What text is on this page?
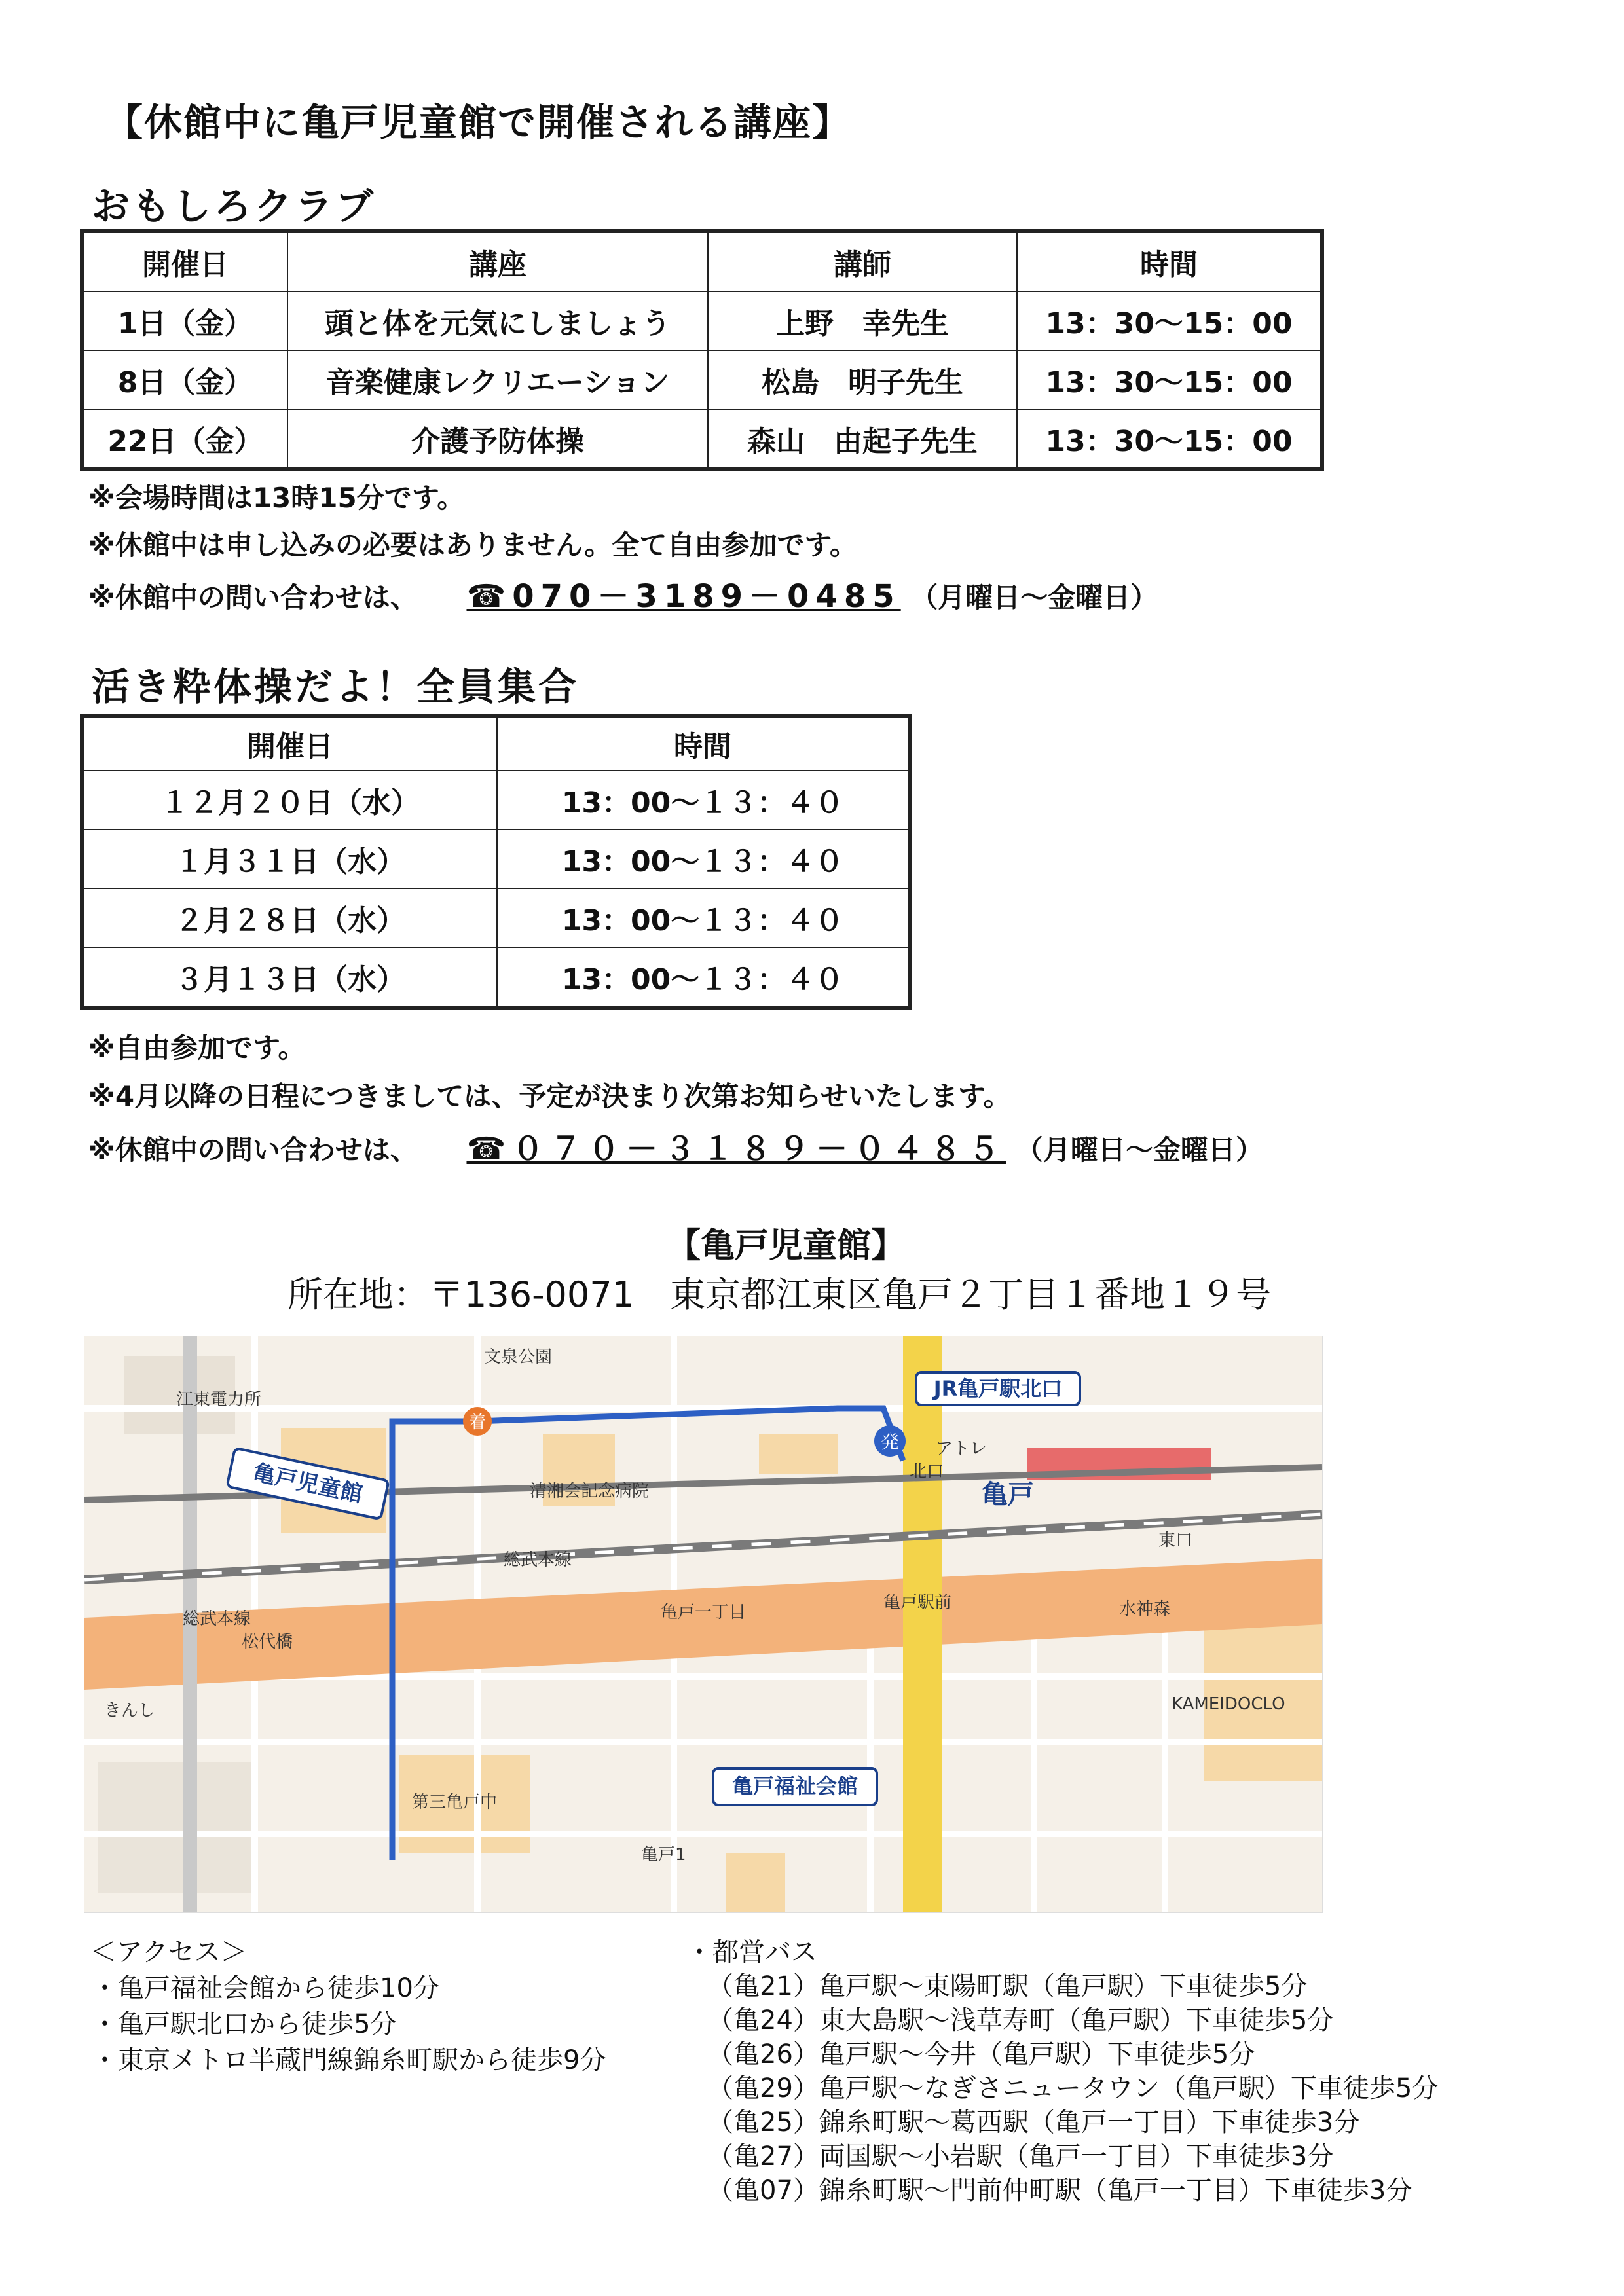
【休館中に亀戸児童館で開催される講座】
おもしろクラブ
開催日	講座	講師	時間
1日（金）	頭と体を元気にしましょう	上野　幸先生	13：30〜15：00
8日（金）	音楽健康レクリエーション	松島　明子先生	13：30〜15：00
22日（金）	介護予防体操	森山　由起子先生	13：30〜15：00
※会場時間は13時15分です。
※休館中は申し込みの必要はありません。全て自由参加です。
※休館中の問い合わせは、 ☎070－3189－0485 （月曜日〜金曜日）
活き粋体操だよ！全員集合
開催日	時間
１２月２０日（水）	13：00〜１３：４０
１月３１日（水）	13：00〜１３：４０
２月２８日（水）	13：00〜１３：４０
３月１３日（水）	13：00〜１３：４０
※自由参加です。
※4月以降の日程につきましては、予定が決まり次第お知らせいたします。
※休館中の問い合わせは、 ☎０７０－３１８９－０４８５ （月曜日〜金曜日）
【亀戸児童館】
所在地：〒136-0071　東京都江東区亀戸２丁目１番地１９号
発
着
文泉公園
江東電力所
清湘会記念病院
総武本線
総武本線
きんし	KAMEIDOCLO
亀戸1
亀戸一丁目	亀戸駅前	水神森
第三亀戸中
アトレ
松代橋
東口
北口
亀戸
JR亀戸駅北口
亀戸児童館
亀戸福祉会館
＜アクセス＞
・亀戸福祉会館から徒歩10分
・亀戸駅北口から徒歩5分
・東京メトロ半蔵門線錦糸町駅から徒歩9分
・都営バス
（亀21）亀戸駅〜東陽町駅（亀戸駅）下車徒歩5分
（亀24）東大島駅〜浅草寿町（亀戸駅）下車徒歩5分
（亀26）亀戸駅〜今井（亀戸駅）下車徒歩5分
（亀29）亀戸駅〜なぎさニュータウン（亀戸駅）下車徒歩5分
（亀25）錦糸町駅〜葛西駅（亀戸一丁目）下車徒歩3分
（亀27）両国駅〜小岩駅（亀戸一丁目）下車徒歩3分
（亀07）錦糸町駅〜門前仲町駅（亀戸一丁目）下車徒歩3分
